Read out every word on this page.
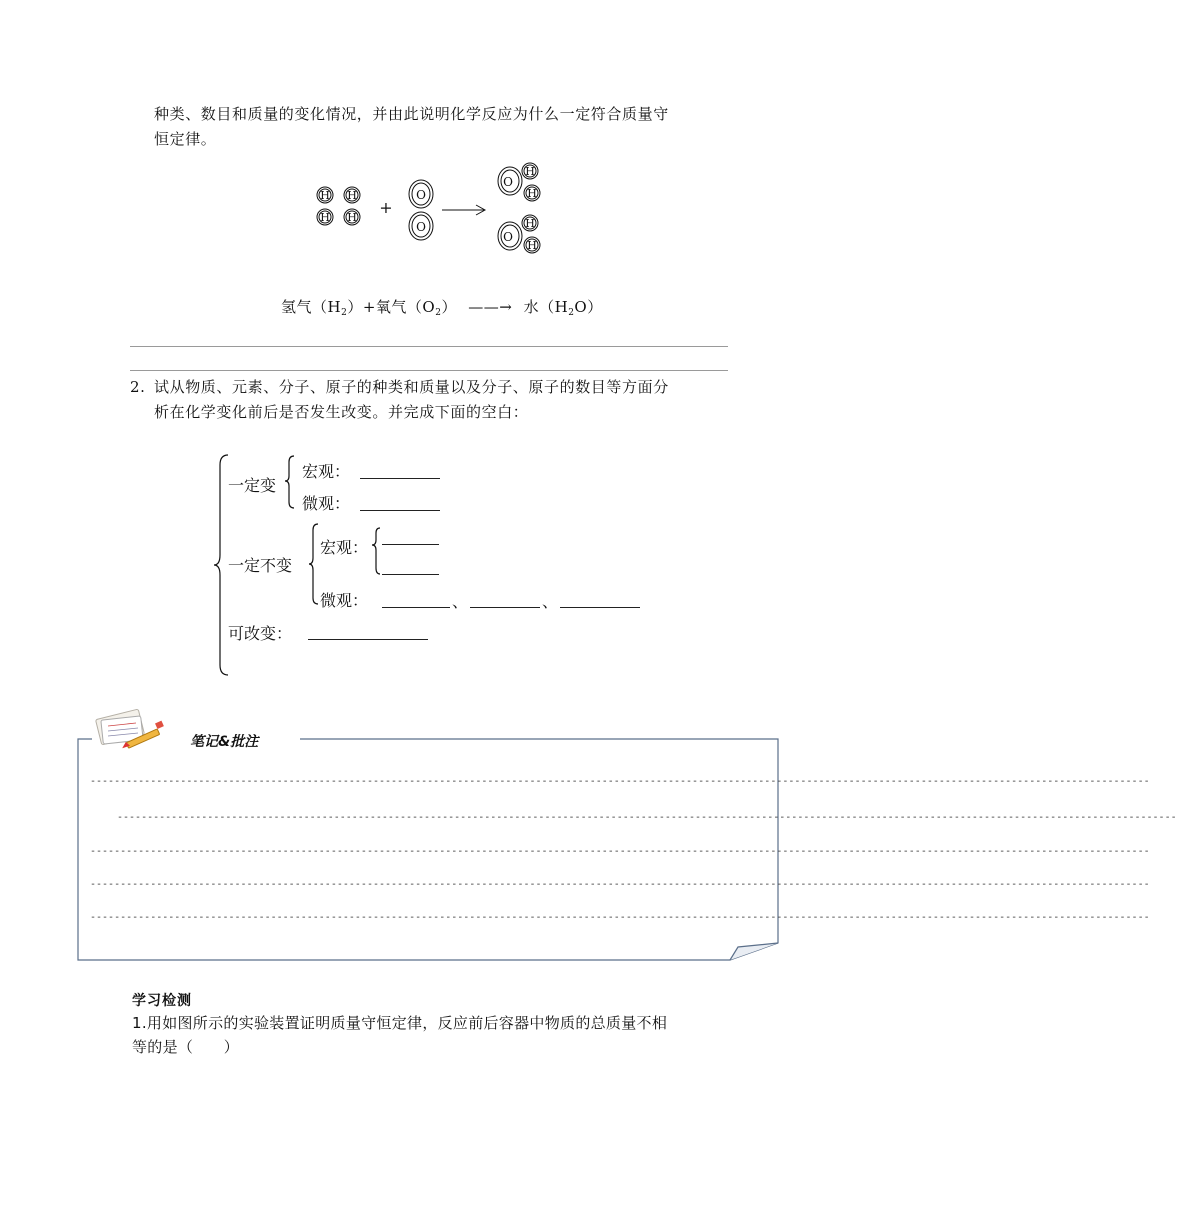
种类、数目和质量的变化情况，并由此说明化学反应为什么一定符合质量守
恒定律。
H H
H H
+
O
O
O
H
H
O
H
H
氢气$(H_2)+$氧气$(O_2)$ ——→ 水$(H_2O)$
2. 试从物质、元素、分子、原子的种类和质量以及分子、原子的数目等方面分
析在化学变化前后是否发生改变。并完成下面的空白：
一定变
宏观：
微观：
一定不变
宏观：
微观：	、	、
可改变：
笔记&批注
--------------------------------------------------------------------------------------------------------------------------------------------------------------------------------
--------------------------------------------------------------------------------------------------------------------------------------------------------------------------------
--------------------------------------------------------------------------------------------------------------------------------------------------------------------------------
--------------------------------------------------------------------------------------------------------------------------------------------------------------------------------
--------------------------------------------------------------------------------------------------------------------------------------------------------------------------------
学习检测
1.用如图所示的实验装置证明质量守恒定律，反应前后容器中物质的总质量不相
等的是（　　）
